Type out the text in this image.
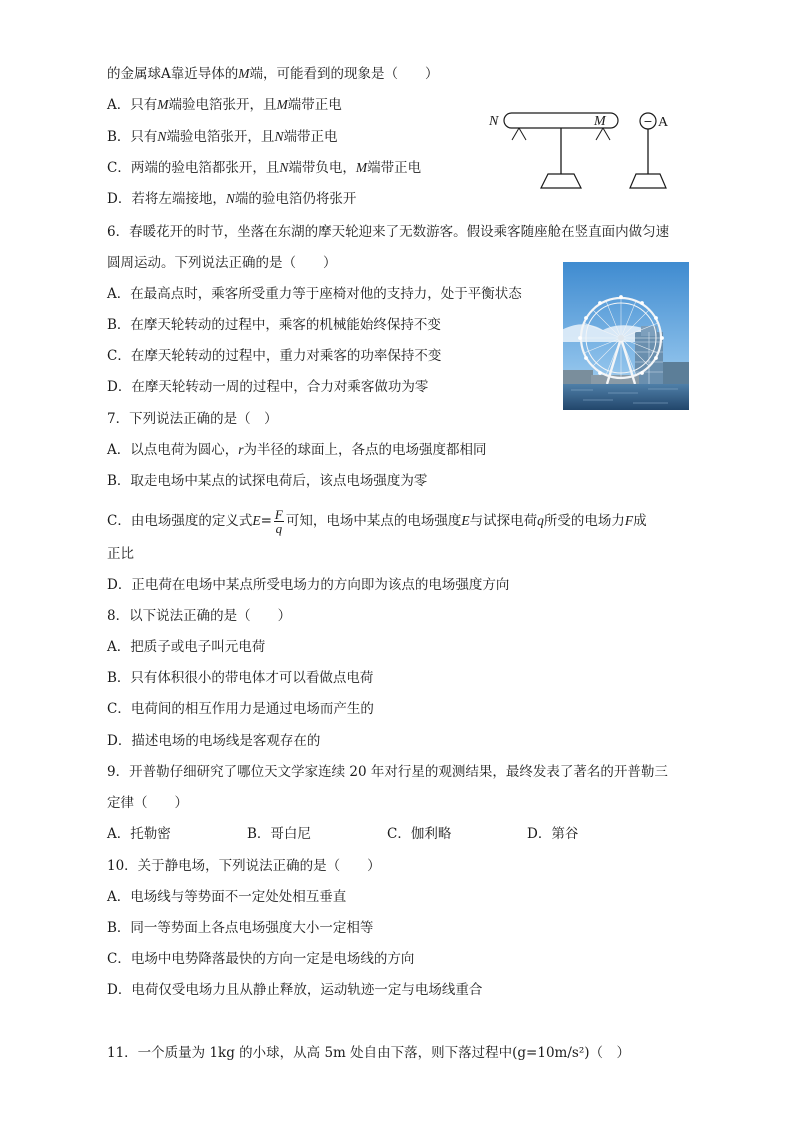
的金属球A靠近导体的M端，可能看到的现象是（　　）
A．只有M端验电箔张开，且M端带正电
B．只有N端验电箔张开，且N端带正电
C．两端的验电箔都张开，且N端带负电，M端带正电
D．若将左端接地，N端的验电箔仍将张开
N	M	− A
6．春暖花开的时节，坐落在东湖的摩天轮迎来了无数游客。假设乘客随座舱在竖直面内做匀速
圆周运动。下列说法正确的是（　　）
A．在最高点时，乘客所受重力等于座椅对他的支持力，处于平衡状态
B．在摩天轮转动的过程中，乘客的机械能始终保持不变
C．在摩天轮转动的过程中，重力对乘客的功率保持不变
D．在摩天轮转动一周的过程中，合力对乘客做功为零
7．下列说法正确的是（　）
A．以点电荷为圆心，r为半径的球面上，各点的电场强度都相同
B．取走电场中某点的试探电荷后，该点电场强度为零
C．由电场强度的定义式$E= \frac{F}{q}$ 可知，电场中某点的电场强度E与试探电荷q所受的电场力F成
正比
D．正电荷在电场中某点所受电场力的方向即为该点的电场强度方向
8．以下说法正确的是（　　）
A．把质子或电子叫元电荷
B．只有体积很小的带电体才可以看做点电荷
C．电荷间的相互作用力是通过电场而产生的
D．描述电场的电场线是客观存在的
9．开普勒仔细研究了哪位天文学家连续 20 年对行星的观测结果，最终发表了著名的开普勒三
定律（　　）
A．托勒密	B．哥白尼	C．伽利略	D．第谷
10．关于静电场，下列说法正确的是（　　）
A．电场线与等势面不一定处处相互垂直
B．同一等势面上各点电场强度大小一定相等
C．电场中电势降落最快的方向一定是电场线的方向
D．电荷仅受电场力且从静止释放，运动轨迹一定与电场线重合
11．一个质量为 1kg 的小球，从高 5m 处自由下落，则下落过程中(g=10m/s²)（　）
